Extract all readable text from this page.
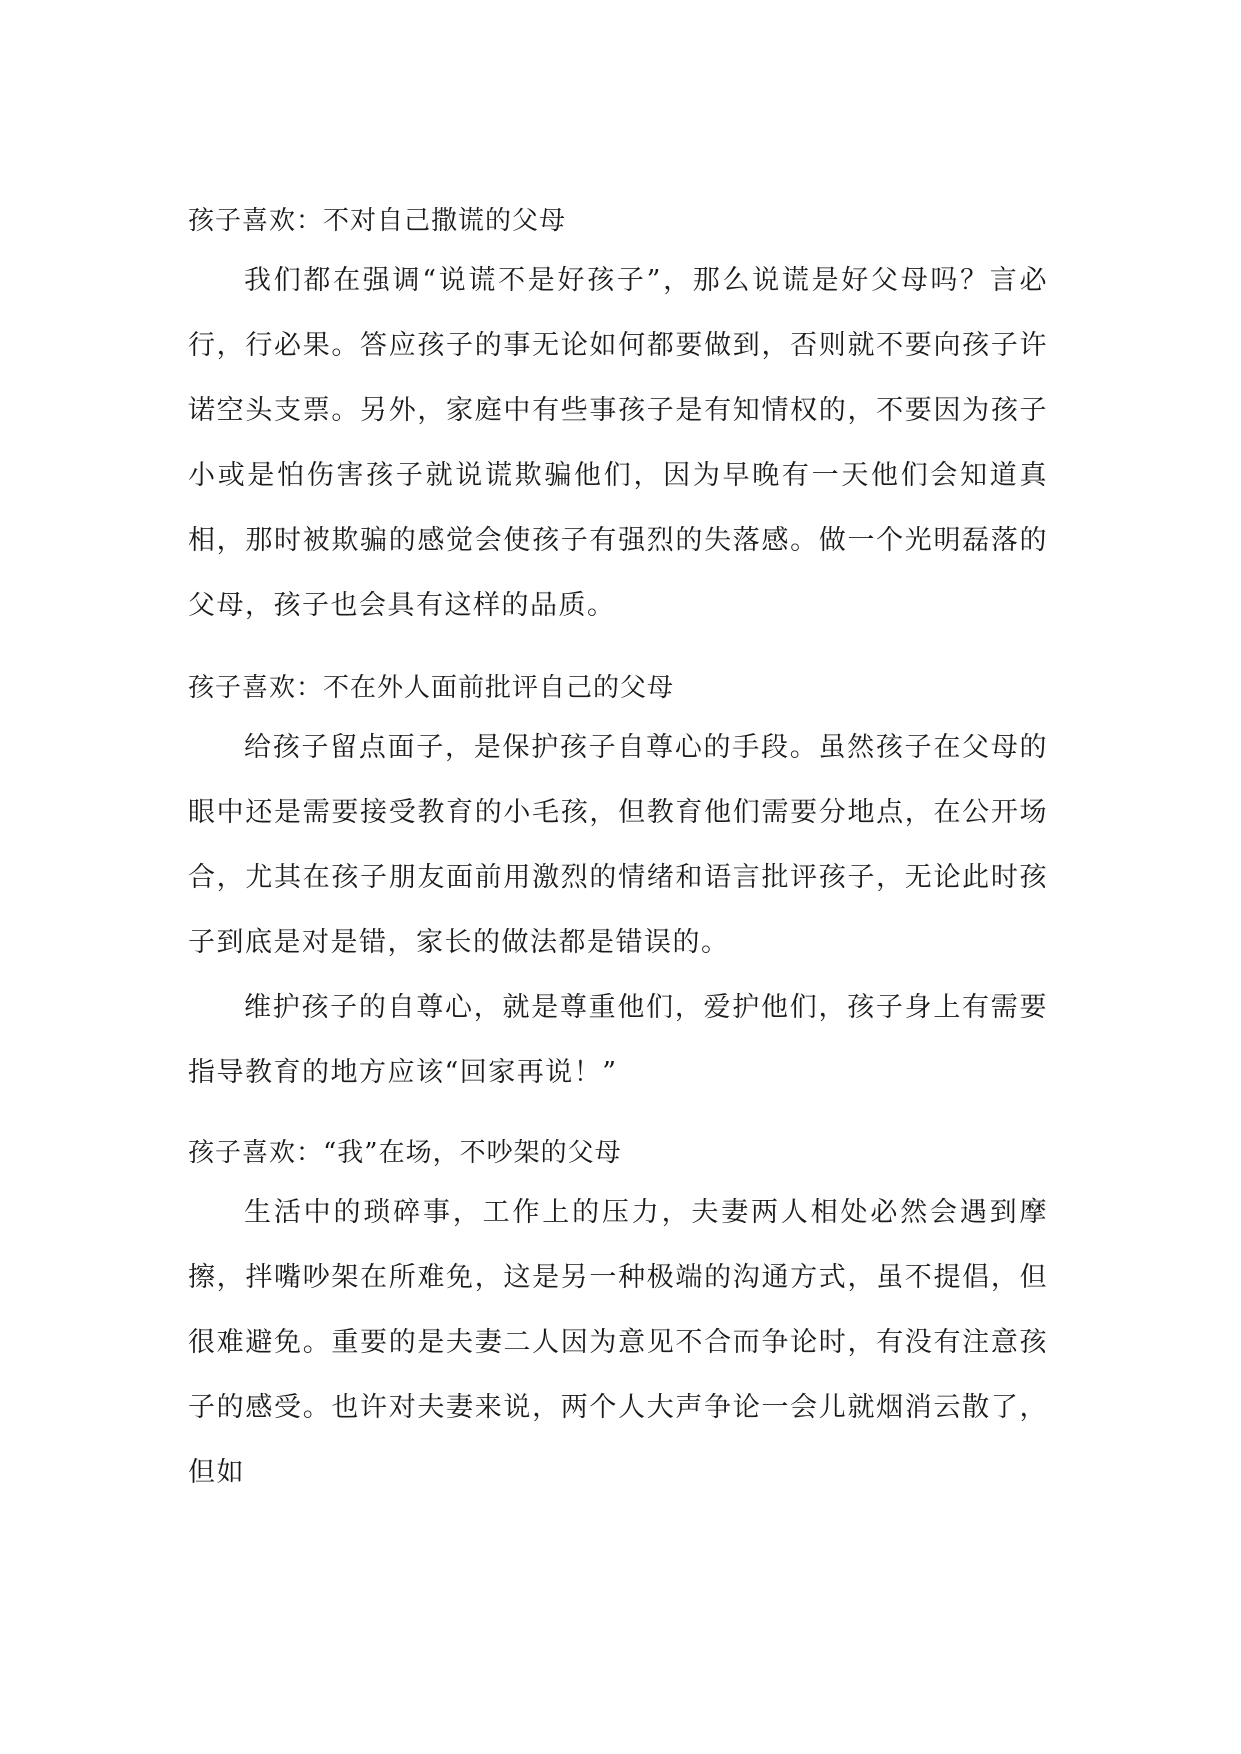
孩子喜欢：不对自己撒谎的父母

我们都在强调“说谎不是好孩子”，那么说谎是好父母吗？言必行，行必果。答应孩子的事无论如何都要做到，否则就不要向孩子许诺空头支票。另外，家庭中有些事孩子是有知情权的，不要因为孩子小或是怕伤害孩子就说谎欺骗他们，因为早晚有一天他们会知道真相，那时被欺骗的感觉会使孩子有强烈的失落感。做一个光明磊落的父母，孩子也会具有这样的品质。

孩子喜欢：不在外人面前批评自己的父母

给孩子留点面子，是保护孩子自尊心的手段。虽然孩子在父母的眼中还是需要接受教育的小毛孩，但教育他们需要分地点，在公开场合，尤其在孩子朋友面前用激烈的情绪和语言批评孩子，无论此时孩子到底是对是错，家长的做法都是错误的。

维护孩子的自尊心，就是尊重他们，爱护他们，孩子身上有需要指导教育的地方应该“回家再说！”

孩子喜欢：“我”在场，不吵架的父母

生活中的琐碎事，工作上的压力，夫妻两人相处必然会遇到摩擦，拌嘴吵架在所难免，这是另一种极端的沟通方式，虽不提倡，但很难避免。重要的是夫妻二人因为意见不合而争论时，有没有注意孩子的感受。也许对夫妻来说，两个人大声争论一会儿就烟消云散了，但如
